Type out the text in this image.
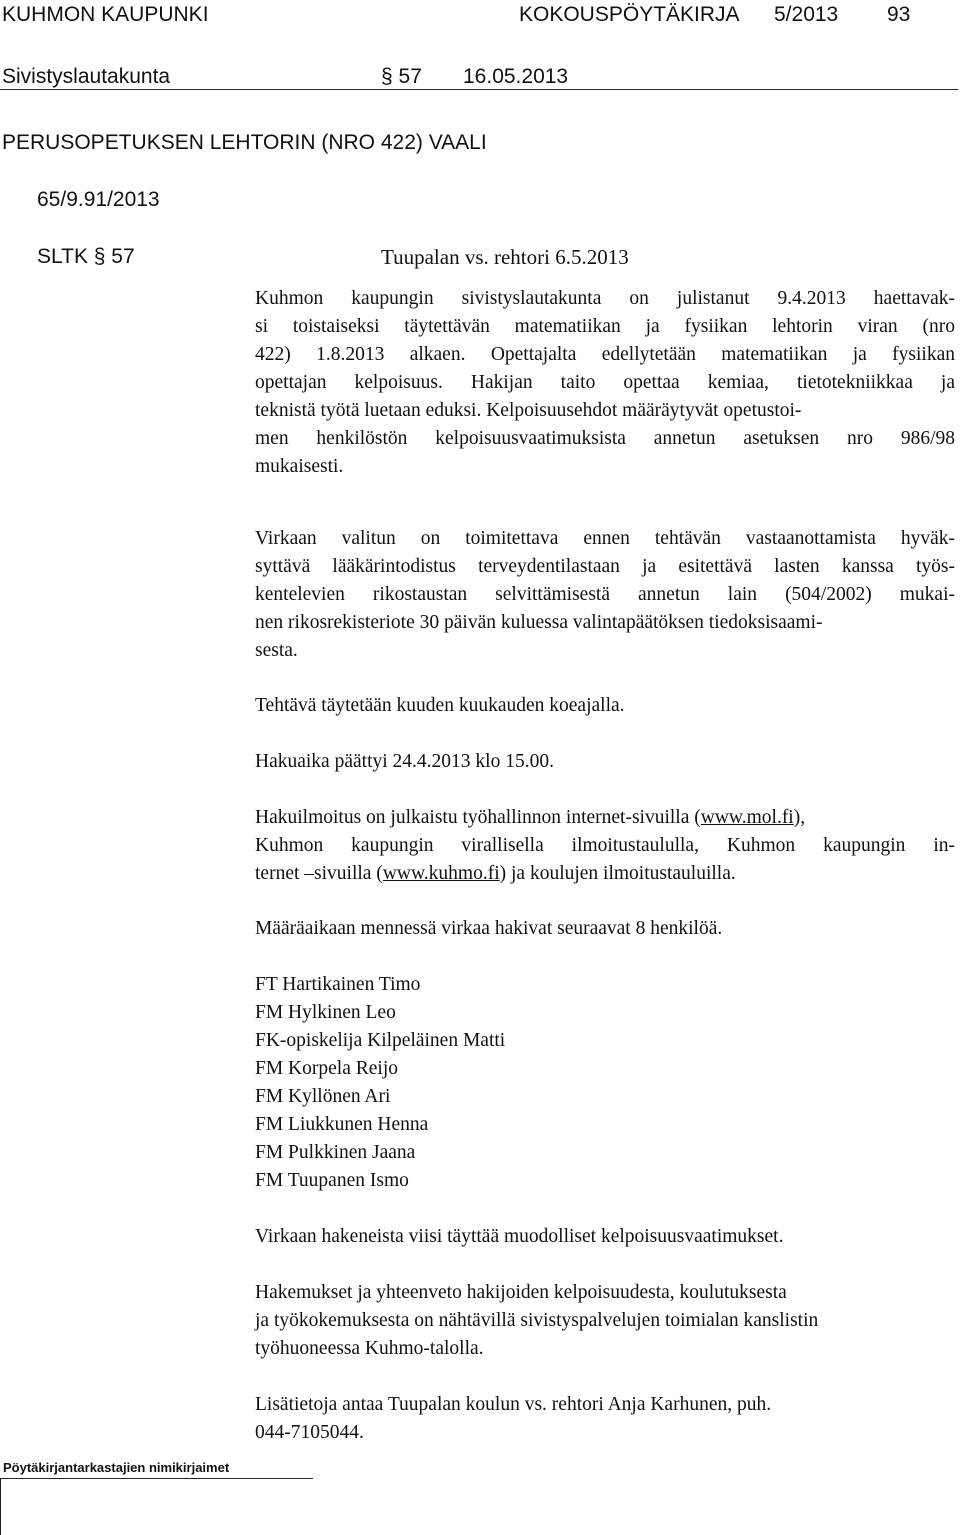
KUHMON KAUPUNKI	KOKOUSPÖYTÄKIRJA 5/2013 93
Sivistyslautakunta	§ 57 16.05.2013
PERUSOPETUKSEN LEHTORIN (NRO 422) VAALI
65/9.91/2013
SLTK § 57	Tuupalan vs. rehtori 6.5.2013
Kuhmon kaupungin sivistyslautakunta on julistanut 9.4.2013 haettavak-
si toistaiseksi täytettävän matematiikan ja fysiikan lehtorin viran (nro
422) 1.8.2013 alkaen. Opettajalta edellytetään matematiikan ja fysiikan
opettajan kelpoisuus. Hakijan taito opettaa kemiaa, tietotekniikkaa ja
teknistä työtä luetaan eduksi. Kelpoisuusehdot määräytyvät opetustoi-
men henkilöstön kelpoisuusvaatimuksista annetun asetuksen nro 986/98
mukaisesti.
Virkaan valitun on toimitettava ennen tehtävän vastaanottamista hyväk-
syttävä lääkärintodistus terveydentilastaan ja esitettävä lasten kanssa työs-
kentelevien rikostaustan selvittämisestä annetun lain (504/2002) mukai-
nen rikosrekisteriote 30 päivän kuluessa valintapäätöksen tiedoksisaami-
sesta.
Tehtävä täytetään kuuden kuukauden koeajalla.
Hakuaika päättyi 24.4.2013 klo 15.00.
Hakuilmoitus on julkaistu työhallinnon internet-sivuilla (www.mol.fi),
Kuhmon kaupungin virallisella ilmoitustaululla, Kuhmon kaupungin in-
ternet –sivuilla (www.kuhmo.fi) ja koulujen ilmoitustauluilla.
Määräaikaan mennessä virkaa hakivat seuraavat 8 henkilöä.
FT Hartikainen Timo
FM Hylkinen Leo
FK-opiskelija Kilpeläinen Matti
FM Korpela Reijo
FM Kyllönen Ari
FM Liukkunen Henna
FM Pulkkinen Jaana
FM Tuupanen Ismo
Virkaan hakeneista viisi täyttää muodolliset kelpoisuusvaatimukset.
Hakemukset ja yhteenveto hakijoiden kelpoisuudesta, koulutuksesta
ja työkokemuksesta on nähtävillä sivistyspalvelujen toimialan kanslistin
työhuoneessa Kuhmo-talolla.
Lisätietoja antaa Tuupalan koulun vs. rehtori Anja Karhunen, puh.
044-7105044.
Pöytäkirjantarkastajien nimikirjaimet
